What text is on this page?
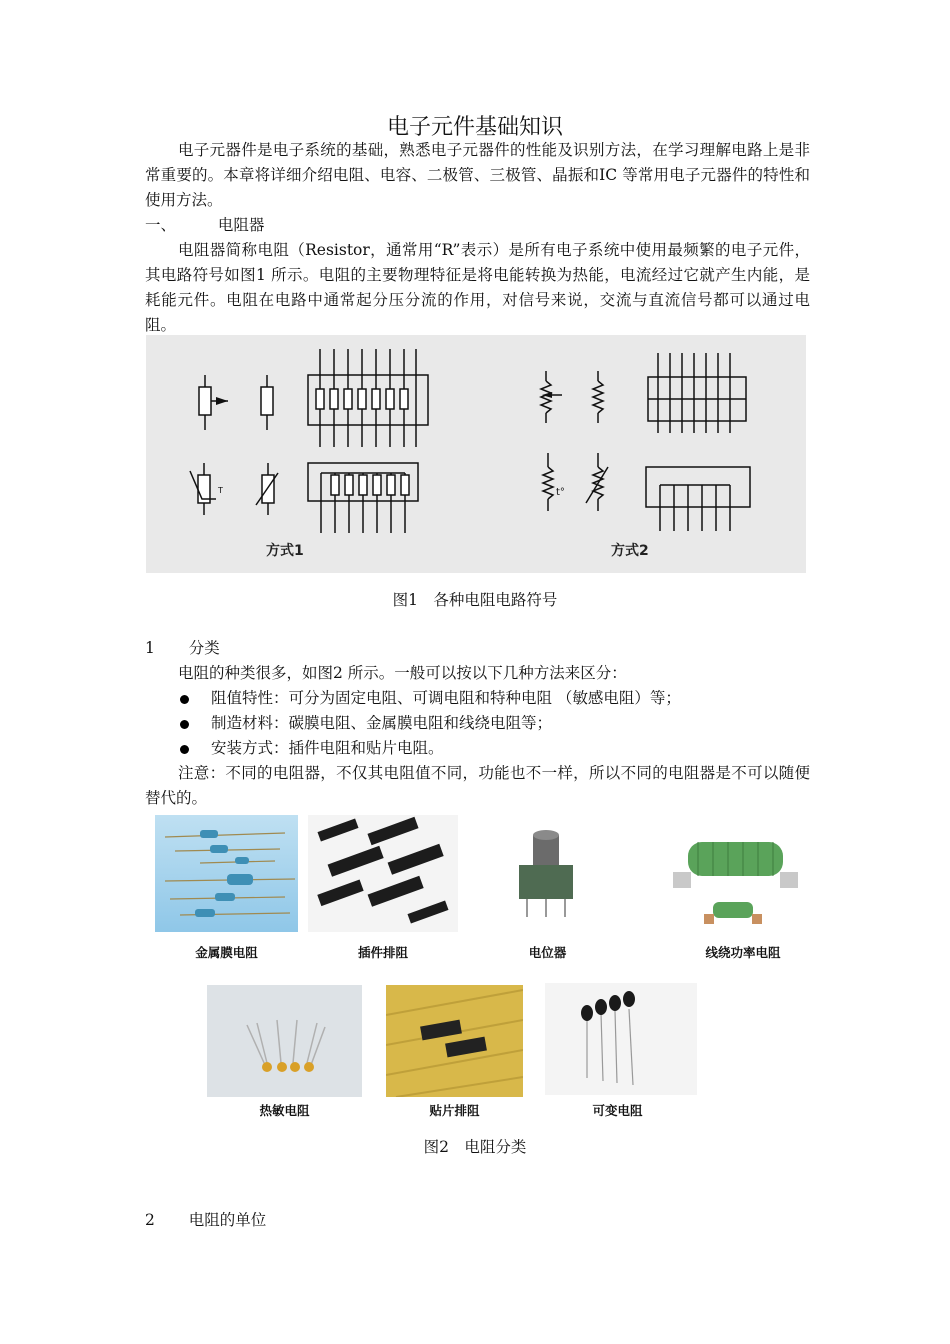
电子元件基础知识
电子元器件是电子系统的基础，熟悉电子元器件的性能及识别方法，在学习理解电路上是非常重要的。本章将详细介绍电阻、电容、二极管、三极管、晶振和IC 等常用电子元器件的特性和使用方法。
一、	电阻器
电阻器简称电阻（Resistor，通常用“R”表示）是所有电子系统中使用最频繁的电子元件，其电路符号如图1 所示。电阻的主要物理特征是将电能转换为热能，电流经过它就产生内能，是耗能元件。电阻在电路中通常起分压分流的作用，对信号来说，交流与直流信号都可以通过电阻。
T	t°
方式1	方式2
图1　各种电阻电路符号
1 分类
电阻的种类很多，如图2 所示。一般可以按以下几种方法来区分：
阻值特性：可分为固定电阻、可调电阻和特种电阻 （敏感电阻）等；
制造材料：碳膜电阻、金属膜电阻和线绕电阻等；
安装方式：插件电阻和贴片电阻。
注意：不同的电阻器，不仅其电阻值不同，功能也不一样，所以不同的电阻器是不可以随便替代的。
金属膜电阻	插件排阻	电位器	线绕功率电阻
热敏电阻	贴片排阻	可变电阻
图2　电阻分类
2 电阻的单位
